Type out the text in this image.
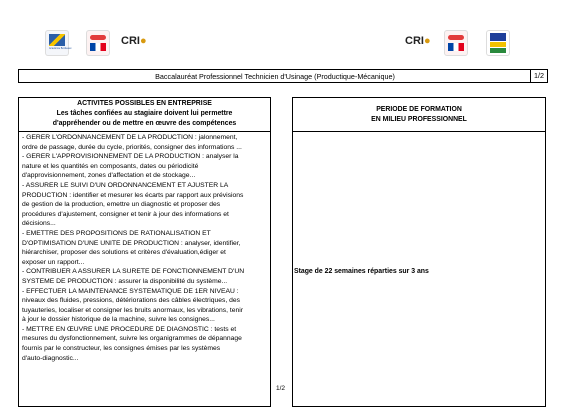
Académie Bordeaux
CRI●	CRI●
Baccalauréat Professionnel Technicien d'Usinage (Productique-Mécanique)	1/2
ACTIVITES POSSIBLES EN ENTREPRISE
Les tâches confiées au stagiaire doivent lui permettre
d'appréhender ou de mettre en œuvre des compétences
- GERER L'ORDONNANCEMENT DE LA PRODUCTION : jalonnement,
ordre de passage, durée du cycle, priorités, consigner des informations ...
- GERER L'APPROVISIONNEMENT DE LA PRODUCTION : analyser la
nature et les quantités en composants, dates ou périodicité
d'approvisionnement, zones d'affectation et de stockage...
- ASSURER LE SUIVI D'UN ORDONNANCEMENT ET AJUSTER LA
PRODUCTION : identifier et mesurer les écarts par rapport aux prévisions
de gestion de la production, emettre un diagnostic et proposer des
procédures d'ajustement, consigner et tenir à jour des informations et
décisions...
- EMETTRE DES PROPOSITIONS DE RATIONALISATION ET
D'OPTIMISATION D'UNE UNITE DE PRODUCTION : analyser, identifier,
hiérarchiser, proposer des solutions et critères d'évaluation,édiger et
exposer un rapport...
- CONTRIBUER A ASSURER LA SURETE DE FONCTIONNEMENT D'UN
SYSTEME DE PRODUCTION : assurer la disponibilité du système...
- EFFECTUER LA MAINTENANCE SYSTEMATIQUE DE 1ER NIVEAU :
niveaux des fluides, pressions, détériorations des câbles électriques, des
tuyauteries, localiser et consigner les bruits anormaux, les vibrations, tenir
à jour le dossier historique de la machine, suivre les consignes...
- METTRE EN ŒUVRE UNE PROCEDURE DE DIAGNOSTIC : tests et
mesures du dysfonctionnement, suivre les organigrammes de dépannage
fournis par le constructeur, les consignes émises par les systèmes
d'auto-diagnostic...
1/2
PERIODE DE FORMATION
EN MILIEU PROFESSIONNEL
Stage de 22 semaines réparties sur 3 ans
